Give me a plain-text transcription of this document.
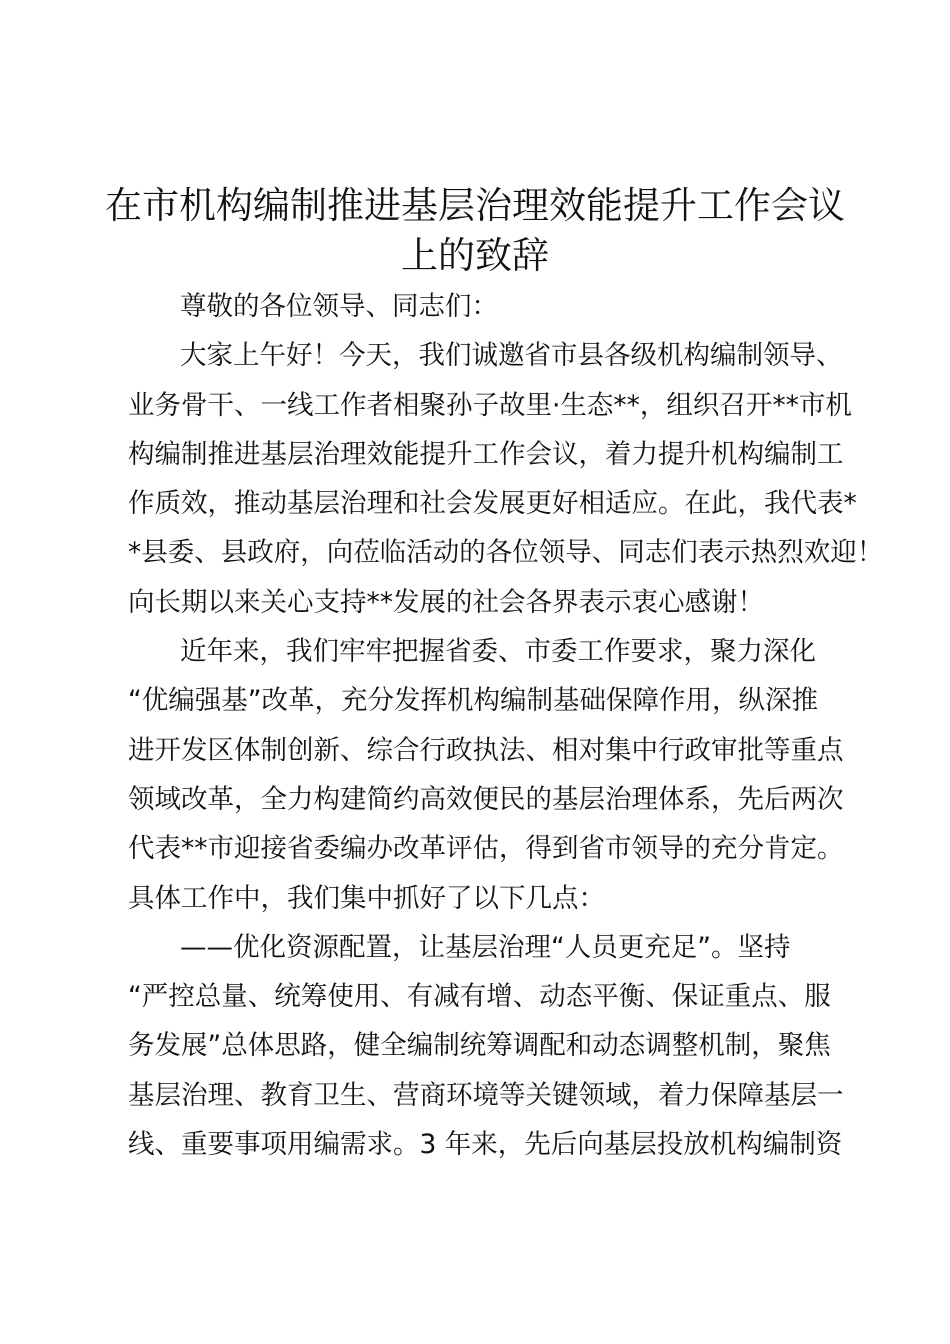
在市机构编制推进基层治理效能提升工作会议
上的致辞
尊敬的各位领导、同志们：
大家上午好！今天，我们诚邀省市县各级机构编制领导、
业务骨干、一线工作者相聚孙子故里·生态**，组织召开**市机
构编制推进基层治理效能提升工作会议，着力提升机构编制工
作质效，推动基层治理和社会发展更好相适应。在此，我代表*
*县委、县政府，向莅临活动的各位领导、同志们表示热烈欢迎！
向长期以来关心支持**发展的社会各界表示衷心感谢！
近年来，我们牢牢把握省委、市委工作要求，聚力深化
“优编强基”改革，充分发挥机构编制基础保障作用，纵深推
进开发区体制创新、综合行政执法、相对集中行政审批等重点
领域改革，全力构建简约高效便民的基层治理体系，先后两次
代表**市迎接省委编办改革评估，得到省市领导的充分肯定。
具体工作中，我们集中抓好了以下几点：
——优化资源配置，让基层治理“人员更充足”。坚持
“严控总量、统筹使用、有减有增、动态平衡、保证重点、服
务发展”总体思路，健全编制统筹调配和动态调整机制，聚焦
基层治理、教育卫生、营商环境等关键领域，着力保障基层一
线、重要事项用编需求。3 年来，先后向基层投放机构编制资
